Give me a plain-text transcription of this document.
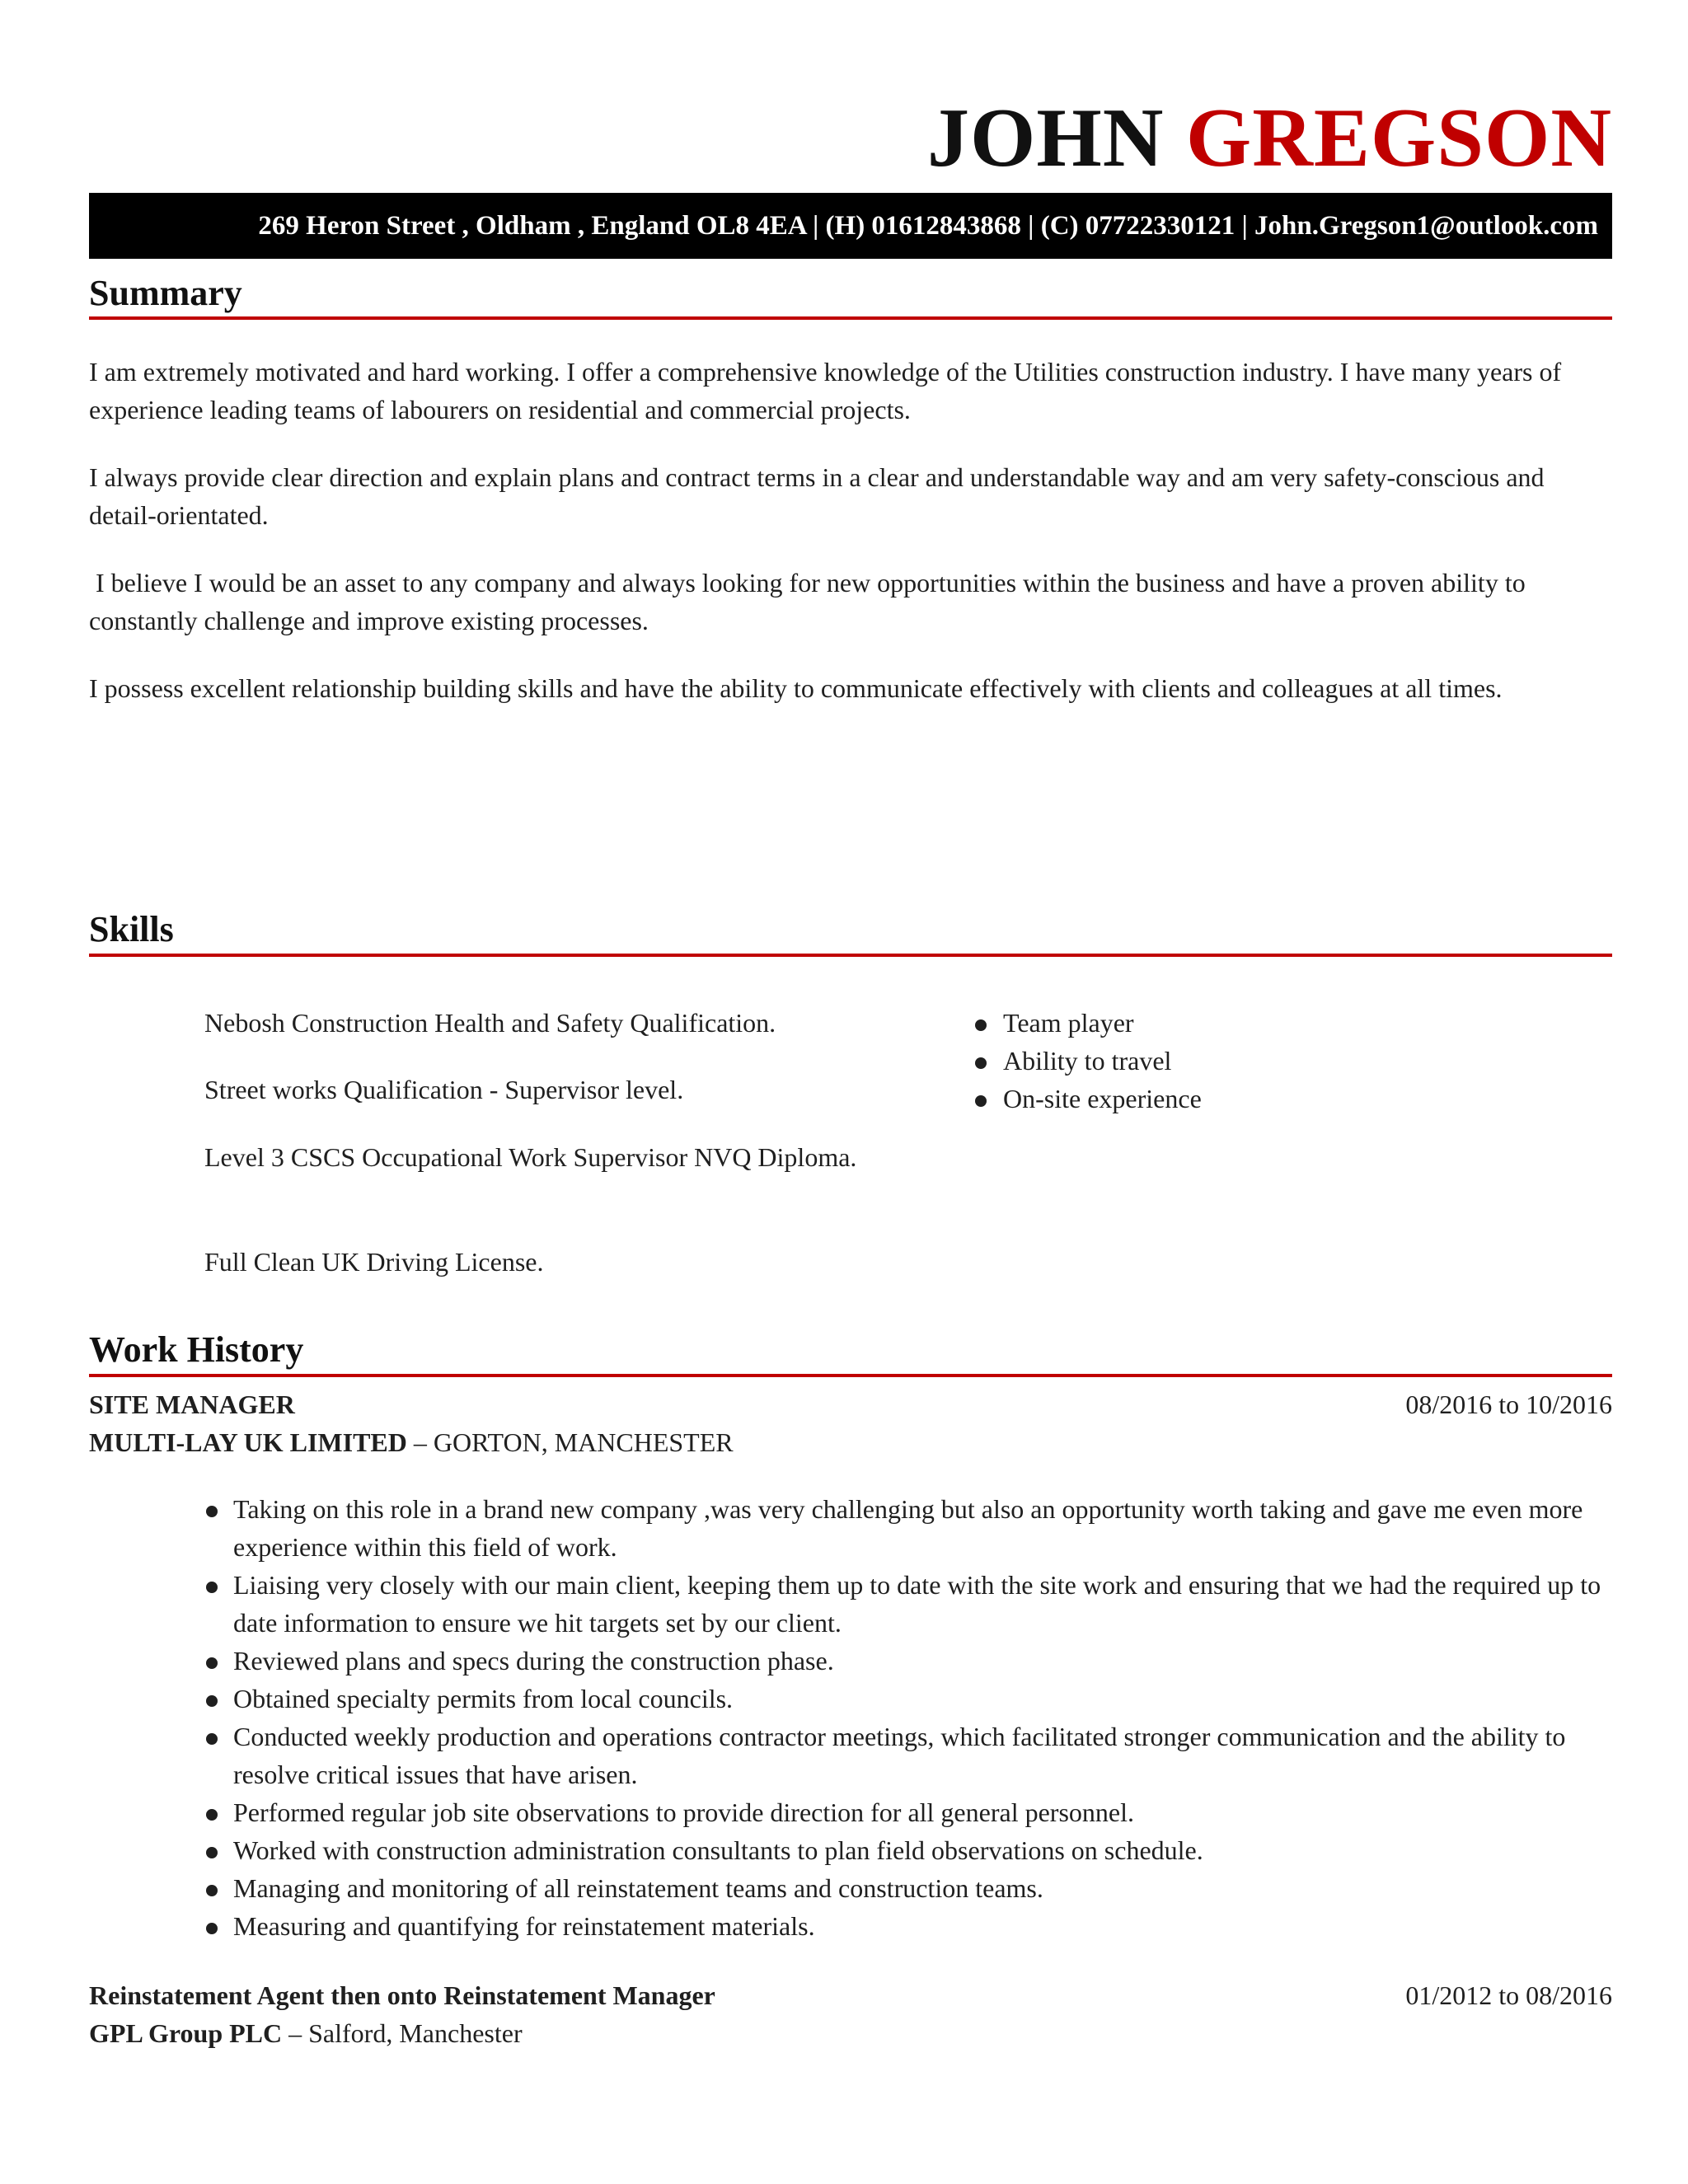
JOHN GREGSON
269 Heron Street , Oldham , England OL8 4EA | (H) 01612843868 | (C) 07722330121 | John.Gregson1@outlook.com
Summary

I am extremely motivated and hard working. I offer a comprehensive knowledge of the Utilities construction industry. I have many years of experience leading teams of labourers on residential and commercial projects.

I always provide clear direction and explain plans and contract terms in a clear and understandable way and am very safety-conscious and detail-orientated.

I believe I would be an asset to any company and always looking for new opportunities within the business and have a proven ability to constantly challenge and improve existing processes.

I possess excellent relationship building skills and have the ability to communicate effectively with clients and colleagues at all times.

Skills

Nebosh Construction Health and Safety Qualification.

Street works Qualification - Supervisor level.

Level 3 CSCS Occupational Work Supervisor NVQ Diploma.

Full Clean UK Driving License.

Team player
Ability to travel
On-site experience
Work History
SITE MANAGER	08/2016 to 10/2016
MULTI-LAY UK LIMITED – GORTON, MANCHESTER
Taking on this role in a brand new company ,was very challenging but also an opportunity worth taking and gave me even more experience within this field of work.
Liaising very closely with our main client, keeping them up to date with the site work and ensuring that we had the required up to date information to ensure we hit targets set by our client.
Reviewed plans and specs during the construction phase.
Obtained specialty permits from local councils.
Conducted weekly production and operations contractor meetings, which facilitated stronger communication and the ability to resolve critical issues that have arisen.
Performed regular job site observations to provide direction for all general personnel.
Worked with construction administration consultants to plan field observations on schedule.
Managing and monitoring of all reinstatement teams and construction teams.
Measuring and quantifying for reinstatement materials.
Reinstatement Agent then onto Reinstatement Manager	01/2012 to 08/2016
GPL Group PLC – Salford, Manchester
